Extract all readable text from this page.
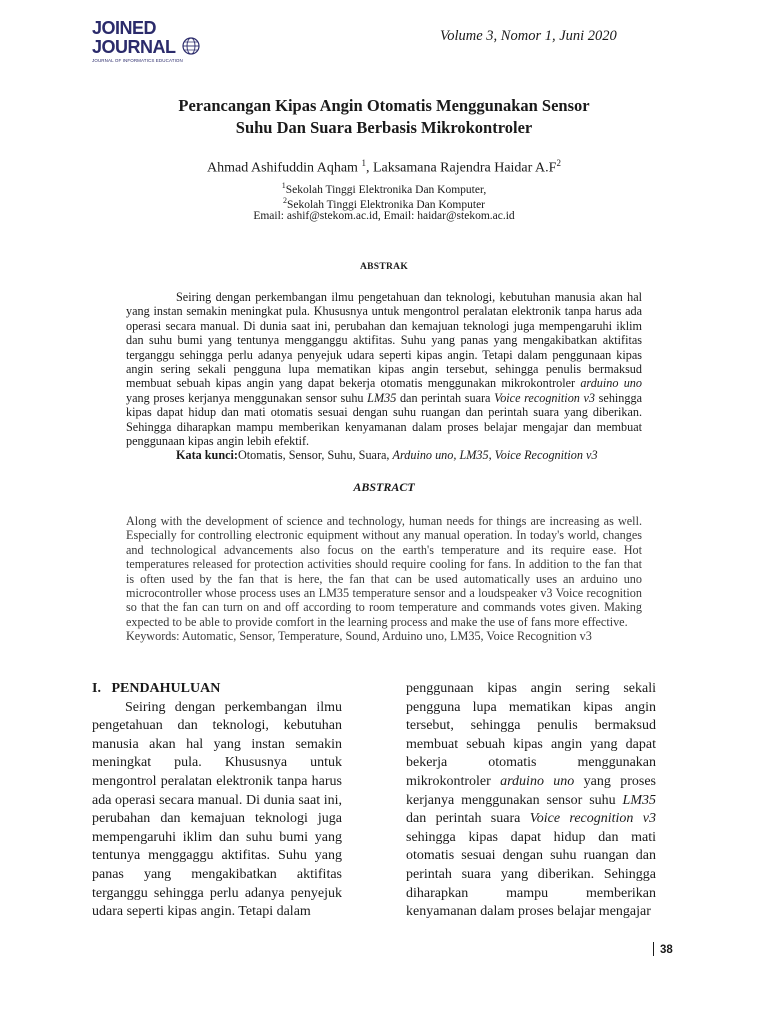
JOINED
JOURNAL
JOURNAL OF INFORMATICS EDUCATION
Volume 3, Nomor 1, Juni 2020
Perancangan Kipas Angin Otomatis Menggunakan Sensor
Suhu Dan Suara Berbasis Mikrokontroler
Ahmad Ashifuddin Aqham $^1$, Laksamana Rajendra Haidar $A.F^2$
$^1$Sekolah Tinggi Elektronika Dan Komputer,
$^2$Sekolah Tinggi Elektronika Dan Komputer
Email: ashif@stekom.ac.id, Email: haidar@stekom.ac.id
ABSTRAK

Seiring dengan perkembangan ilmu pengetahuan dan teknologi, kebutuhan manusia akan hal yang instan semakin meningkat pula. Khususnya untuk mengontrol peralatan elektronik tanpa harus ada operasi secara manual. Di dunia saat ini, perubahan dan kemajuan teknologi juga mempengaruhi iklim dan suhu bumi yang tentunya mengganggu aktifitas. Suhu yang panas yang mengakibatkan aktifitas terganggu sehingga perlu adanya penyejuk udara seperti kipas angin. Tetapi dalam penggunaan kipas angin sering sekali pengguna lupa mematikan kipas angin tersebut, sehingga penulis bermaksud membuat sebuah kipas angin yang dapat bekerja otomatis menggunakan mikrokontroler arduino uno yang proses kerjanya menggunakan sensor suhu LM35 dan perintah suara Voice recognition v3 sehingga kipas dapat hidup dan mati otomatis sesuai dengan suhu ruangan dan perintah suara yang diberikan. Sehingga diharapkan mampu memberikan kenyamanan dalam proses belajar mengajar dan membuat penggunaan kipas angin lebih efektif.

Kata kunci:Otomatis, Sensor, Suhu, Suara, Arduino uno, LM35, Voice Recognition v3

ABSTRACT

Along with the development of science and technology, human needs for things are increasing as well. Especially for controlling electronic equipment without any manual operation. In today's world, changes and technological advancements also focus on the earth's temperature and its require ease. Hot temperatures released for protection activities should require cooling for fans. In addition to the fan that is often used by the fan that is here, the fan that can be used automatically uses an arduino uno microcontroller whose process uses an LM35 temperature sensor and a loudspeaker v3 Voice recognition so that the fan can turn on and off according to room temperature and commands votes given. Making expected to be able to provide comfort in the learning process and make the use of fans more effective.

Keywords: Automatic, Sensor, Temperature, Sound, Arduino uno, LM35, Voice Recognition v3

I.   PENDAHULUAN

Seiring dengan perkembangan ilmu pengetahuan dan teknologi, kebutuhan manusia akan hal yang instan semakin meningkat pula. Khususnya untuk mengontrol peralatan elektronik tanpa harus ada operasi secara manual. Di dunia saat ini, perubahan dan kemajuan teknologi juga mempengaruhi iklim dan suhu bumi yang tentunya menggaggu aktifitas. Suhu yang panas yang mengakibatkan aktifitas terganggu sehingga perlu adanya penyejuk udara seperti kipas angin. Tetapi dalam

penggunaan kipas angin sering sekali pengguna lupa mematikan kipas angin tersebut, sehingga penulis bermaksud membuat sebuah kipas angin yang dapat bekerja otomatis menggunakan mikrokontroler arduino uno yang proses kerjanya menggunakan sensor suhu LM35 dan perintah suara Voice recognition v3 sehingga kipas dapat hidup dan mati otomatis sesuai dengan suhu ruangan dan perintah suara yang diberikan. Sehingga diharapkan mampu memberikan kenyamanan dalam proses belajar mengajar

38
